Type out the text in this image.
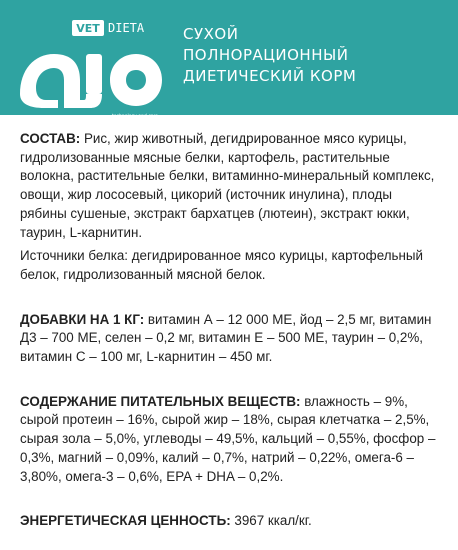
VET DIETA
technology and care
СУХОЙ
ПОЛНОРАЦИОННЫЙ
ДИЕТИЧЕСКИЙ КОРМ

СОСТАВ: Рис, жир животный, дегидрированное мясо курицы, гидролизованные мясные белки, картофель, растительные волокна, растительные белки, витаминно-минеральный комплекс, овощи, жир лососевый, цикорий (источник инулина), плоды рябины сушеные, экстракт бархатцев (лютеин), экстракт юкки, таурин, L-карнитин.

Источники белка: дегидрированное мясо курицы, картофельный белок, гидролизованный мясной белок.

ДОБАВКИ НА 1 КГ: витамин А – 12 000 МЕ, йод – 2,5 мг, витамин Д3 – 700 МЕ, селен – 0,2 мг, витамин Е – 500 МЕ, таурин – 0,2%, витамин С – 100 мг, L-карнитин – 450 мг.

СОДЕРЖАНИЕ ПИТАТЕЛЬНЫХ ВЕЩЕСТВ: влажность – 9%, сырой протеин – 16%, сырой жир – 18%, сырая клетчатка – 2,5%, сырая зола – 5,0%, углеводы – 49,5%, кальций – 0,55%, фосфор – 0,3%, магний – 0,09%, калий – 0,7%, натрий – 0,22%, омега-6 – 3,80%, омега-3 – 0,6%, EPA + DHA – 0,2%.

ЭНЕРГЕТИЧЕСКАЯ ЦЕННОСТЬ: 3967 ккал/кг.
